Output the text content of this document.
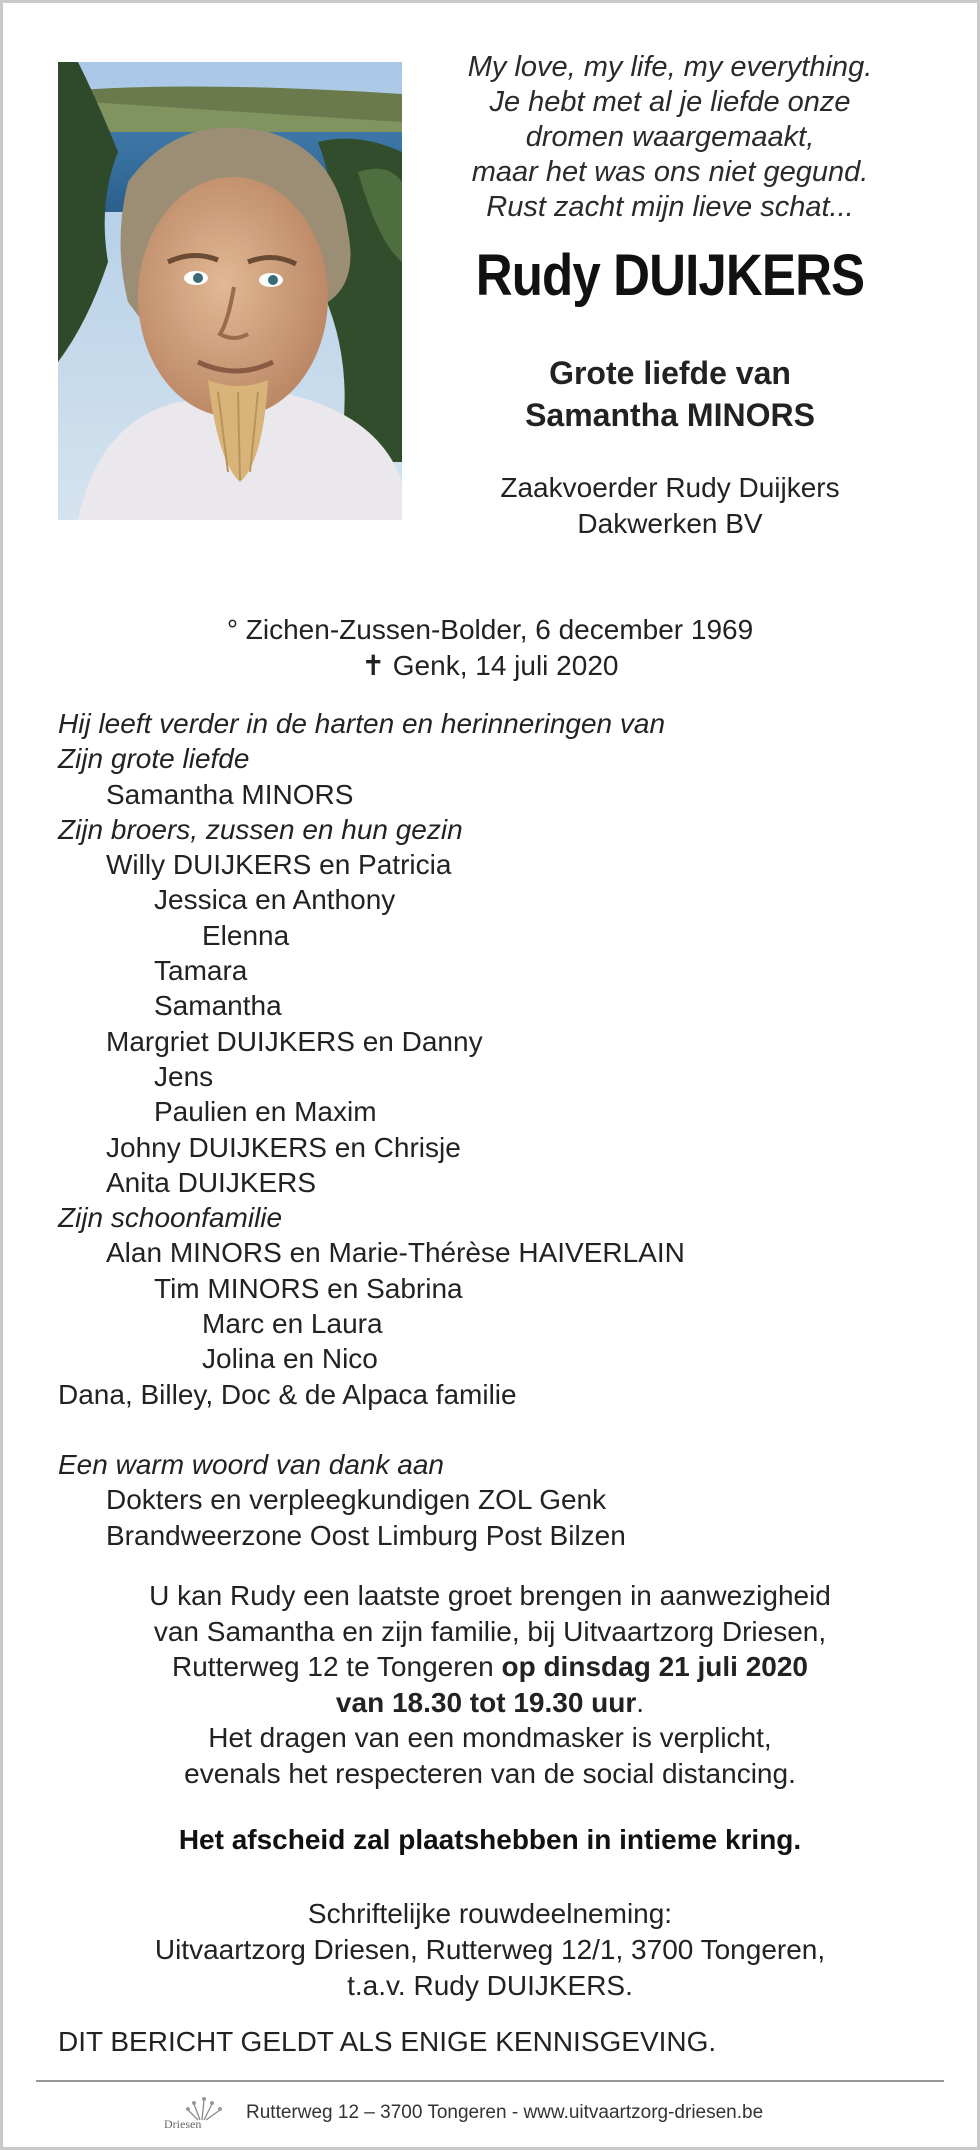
My love, my life, my everything.
Je hebt met al je liefde onze
dromen waargemaakt,
maar het was ons niet gegund.
Rust zacht mijn lieve schat...
Rudy DUIJKERS
Grote liefde van
Samantha MINORS
Zaakvoerder Rudy Duijkers
Dakwerken BV
° Zichen-Zussen-Bolder, 6 december 1969
✝ Genk, 14 juli 2020
Hij leeft verder in de harten en herinneringen van
Zijn grote liefde
Samantha MINORS
Zijn broers, zussen en hun gezin
Willy DUIJKERS en Patricia
Jessica en Anthony
Elenna
Tamara
Samantha
Margriet DUIJKERS en Danny
Jens
Paulien en Maxim
Johny DUIJKERS en Chrisje
Anita DUIJKERS
Zijn schoonfamilie
Alan MINORS en Marie-Thérèse HAIVERLAIN
Tim MINORS en Sabrina
Marc en Laura
Jolina en Nico
Dana, Billey, Doc & de Alpaca familie
Een warm woord van dank aan
Dokters en verpleegkundigen ZOL Genk
Brandweerzone Oost Limburg Post Bilzen
U kan Rudy een laatste groet brengen in aanwezigheid
van Samantha en zijn familie, bij Uitvaartzorg Driesen,
Rutterweg 12 te Tongeren op dinsdag 21 juli 2020
van 18.30 tot 19.30 uur.
Het dragen van een mondmasker is verplicht,
evenals het respecteren van de social distancing.
Het afscheid zal plaatshebben in intieme kring.
Schriftelijke rouwdeelneming:
Uitvaartzorg Driesen, Rutterweg 12/1, 3700 Tongeren,
t.a.v. Rudy DUIJKERS.
DIT BERICHT GELDT ALS ENIGE KENNISGEVING.
Driesen
Rutterweg 12 – 3700 Tongeren - www.uitvaartzorg-driesen.be
